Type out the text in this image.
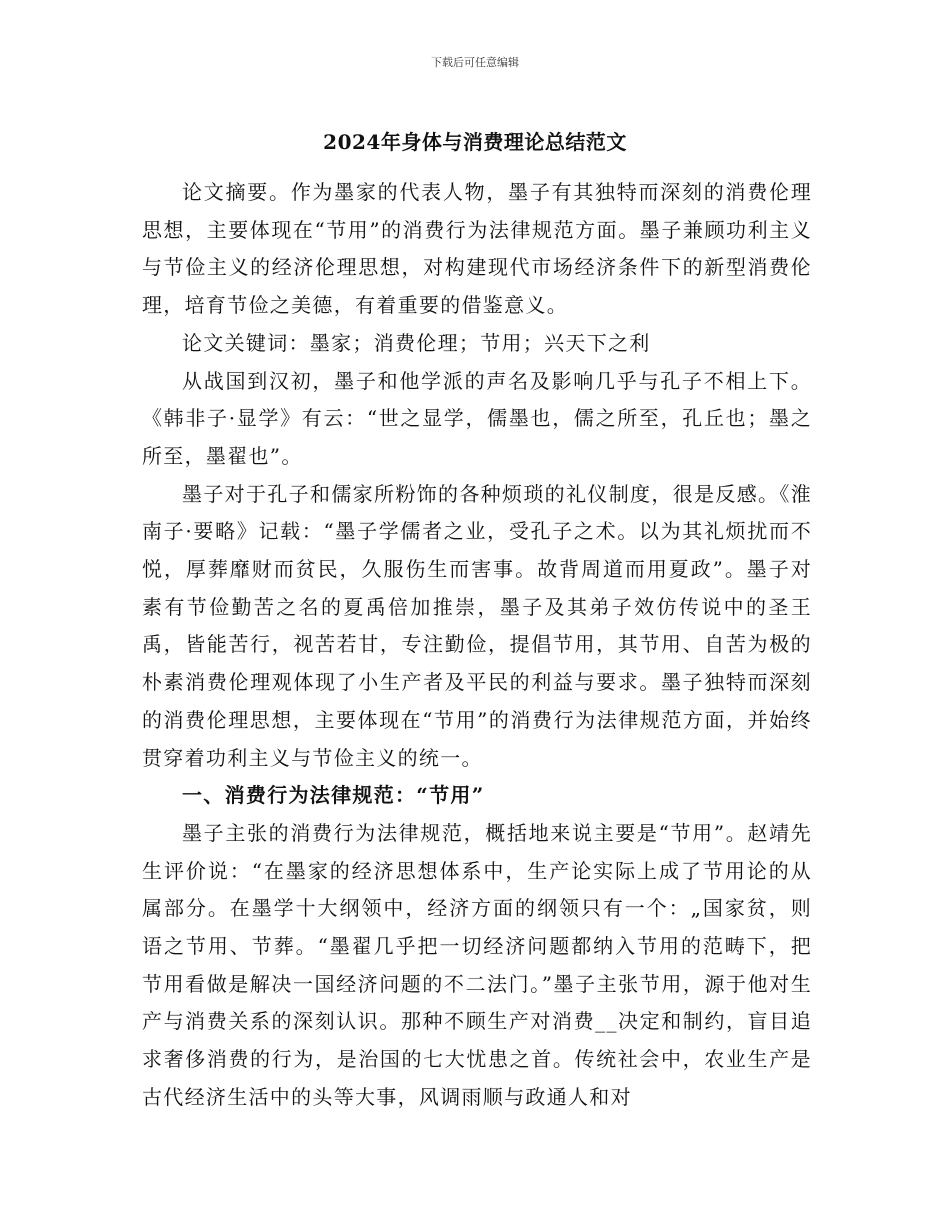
下载后可任意编辑
2024年身体与消费理论总结范文

论文摘要。作为墨家的代表人物，墨子有其独特而深刻的消费伦理思想，主要体现在“节用”的消费行为法律规范方面。墨子兼顾功利主义与节俭主义的经济伦理思想，对构建现代市场经济条件下的新型消费伦理，培育节俭之美德，有着重要的借鉴意义。

论文关键词：墨家；消费伦理；节用；兴天下之利

从战国到汉初，墨子和他学派的声名及影响几乎与孔子不相上下。《韩非子·显学》有云：“世之显学，儒墨也，儒之所至，孔丘也；墨之所至，墨翟也”。

墨子对于孔子和儒家所粉饰的各种烦琐的礼仪制度，很是反感。《淮南子·要略》记载：“墨子学儒者之业，受孔子之术。以为其礼烦扰而不悦，厚葬靡财而贫民，久服伤生而害事。故背周道而用夏政”。墨子对素有节俭勤苦之名的夏禹倍加推崇，墨子及其弟子效仿传说中的圣王禹，皆能苦行，视苦若甘，专注勤俭，提倡节用，其节用、自苦为极的朴素消费伦理观体现了小生产者及平民的利益与要求。墨子独特而深刻的消费伦理思想，主要体现在“节用”的消费行为法律规范方面，并始终贯穿着功利主义与节俭主义的统一。

一、消费行为法律规范：“节用”

墨子主张的消费行为法律规范，概括地来说主要是“节用”。赵靖先生评价说：“在墨家的经济思想体系中，生产论实际上成了节用论的从属部分。在墨学十大纲领中，经济方面的纲领只有一个：„国家贫，则语之节用、节葬。“墨翟几乎把一切经济问题都纳入节用的范畴下，把节用看做是解决一国经济问题的不二法门。”墨子主张节用，源于他对生产与消费关系的深刻认识。那种不顾生产对消费__决定和制约，盲目追求奢侈消费的行为，是治国的七大忧患之首。传统社会中，农业生产是古代经济生活中的头等大事，风调雨顺与政通人和对
